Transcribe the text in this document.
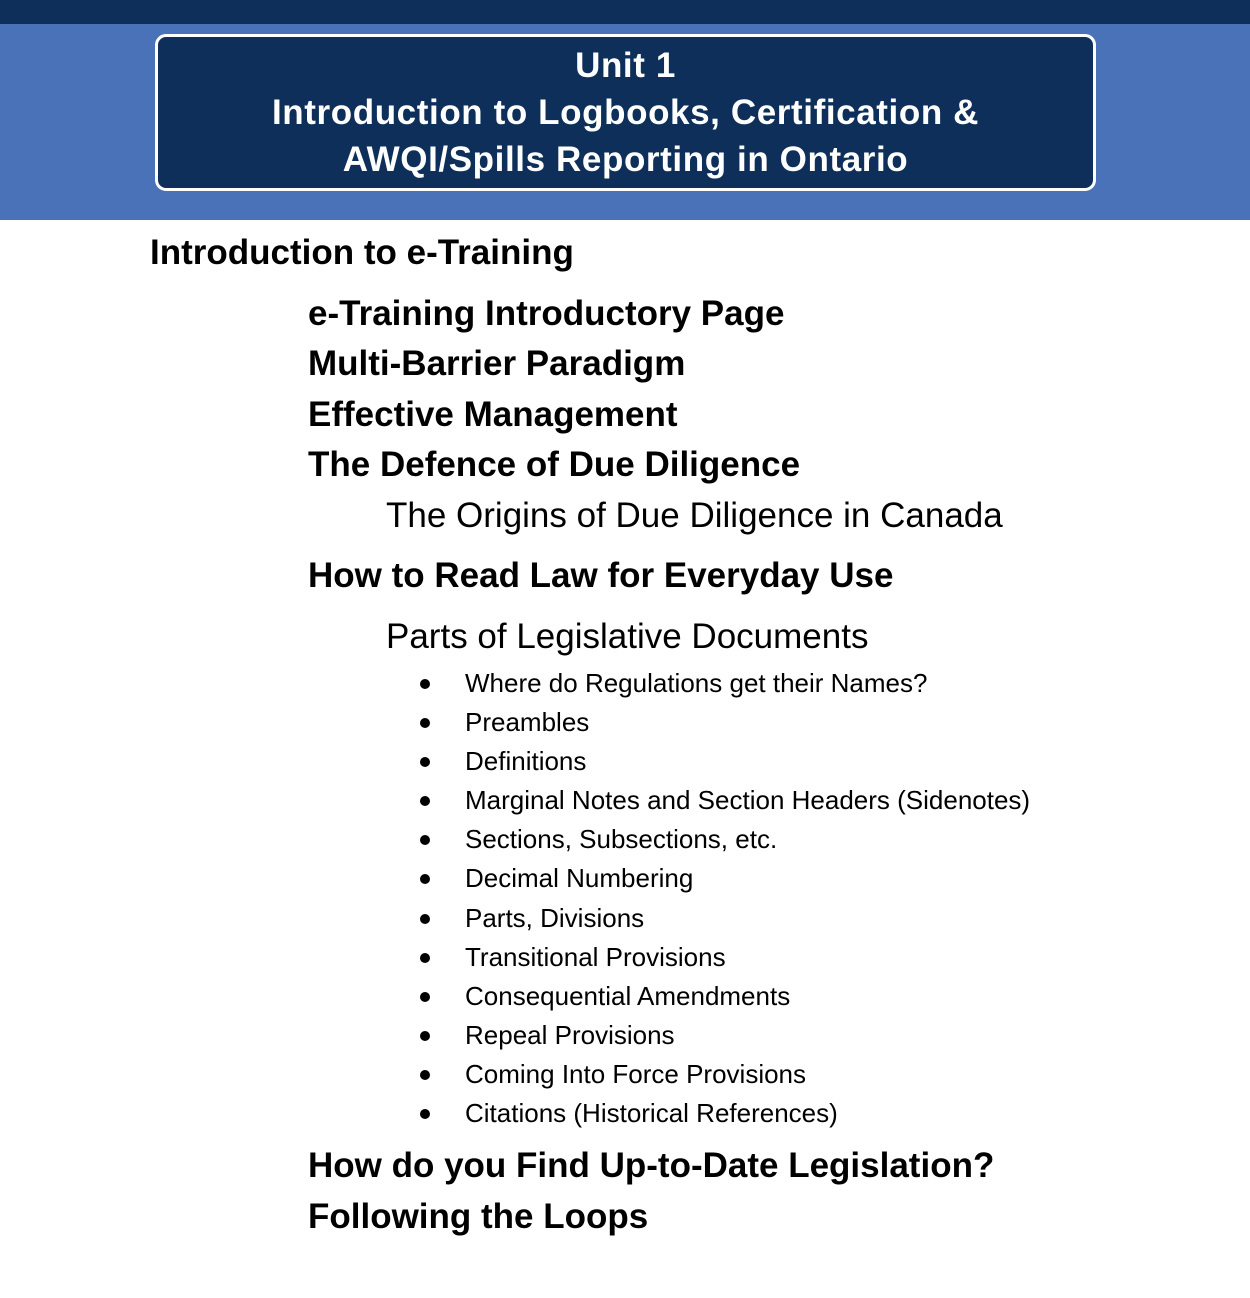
Unit 1
Introduction to Logbooks, Certification &
AWQI/Spills Reporting in Ontario
Introduction to e-Training
e-Training Introductory Page
Multi-Barrier Paradigm
Effective Management
The Defence of Due Diligence
The Origins of Due Diligence in Canada
How to Read Law for Everyday Use
Parts of Legislative Documents
Where do Regulations get their Names?
Preambles
Definitions
Marginal Notes and Section Headers (Sidenotes)
Sections, Subsections, etc.
Decimal Numbering
Parts, Divisions
Transitional Provisions
Consequential Amendments
Repeal Provisions
Coming Into Force Provisions
Citations (Historical References)
How do you Find Up-to-Date Legislation?
Following the Loops
